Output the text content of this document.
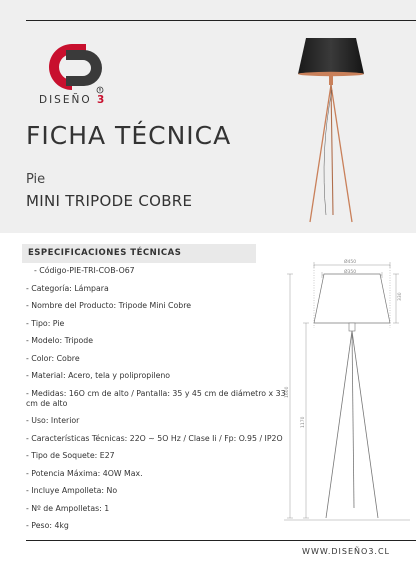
R
DISEÑO 3
FICHA TÉCNICA
Pie
MINI TRIPODE COBRE
ESPECIFICACIONES TÉCNICAS
- Código-PIE-TRI-COB-O67
- Categoría: Lámpara
- Nombre del Producto: Tripode Mini Cobre
- Tipo: Pie
- Modelo: Tripode
- Color: Cobre
- Material: Acero, tela y polipropileno
- Medidas: 16O cm de alto / Pantalla: 35 y 45 cm de diámetro x 33 cm de alto
- Uso: Interior
- Características Técnicas: 22O ~ 5O Hz / Clase Ii / Fp: O.95 / IP2O
- Tipo de Soquete: E27
- Potencia Máxima: 4OW Max.
- Incluye Ampolleta: No
- Nº de Ampolletas: 1
- Peso: 4kg
Ø450
Ø350
330
1600
1170
WWW.DISEÑO3.CL
